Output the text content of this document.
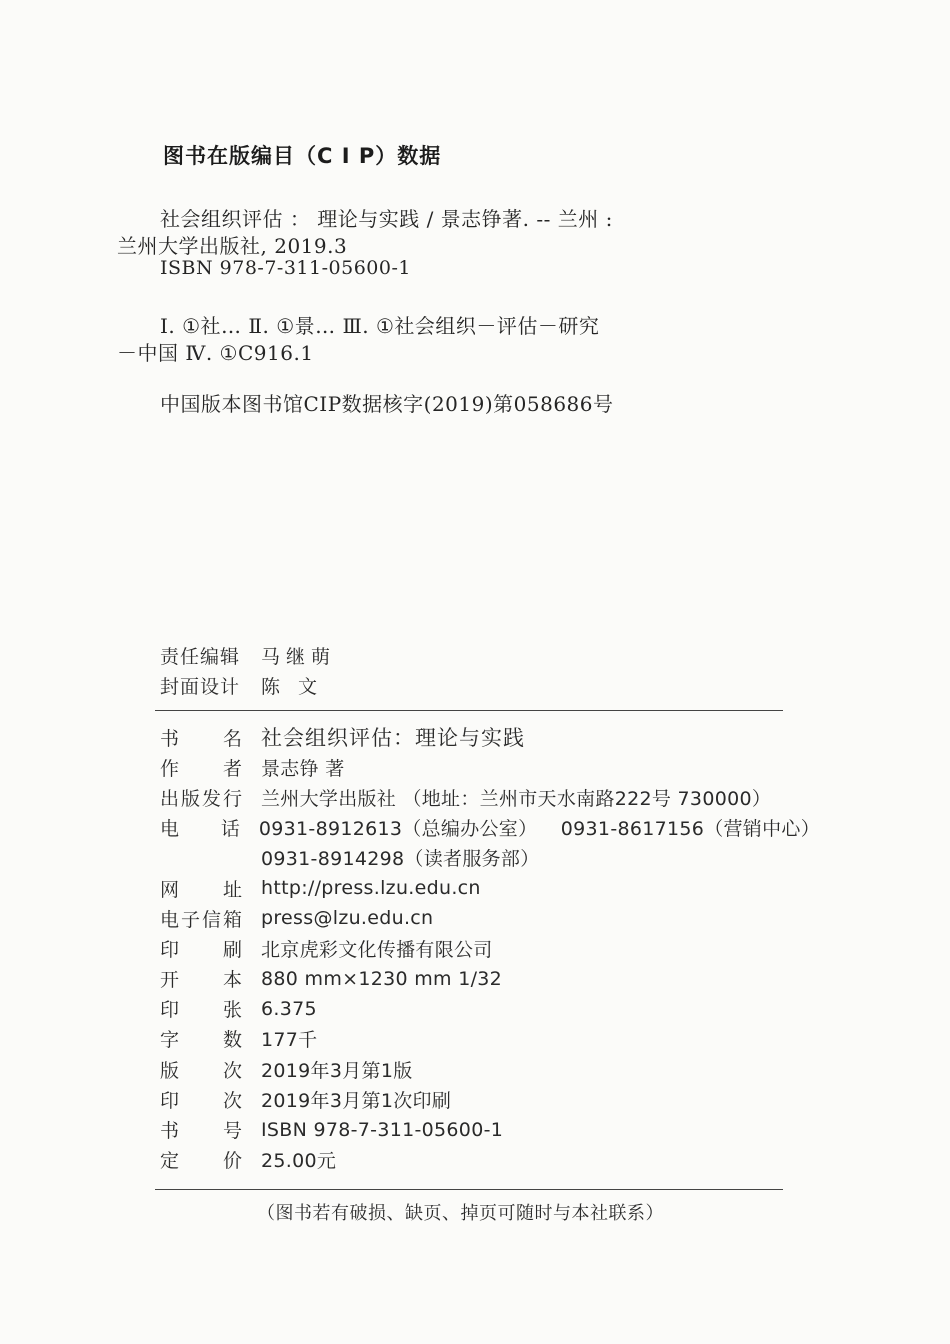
图书在版编目（C I P）数据
社会组织评估 ： 理论与实践 / 景志铮著. -- 兰州 :
兰州大学出版社, 2019.3
ISBN 978-7-311-05600-1
Ⅰ. ①社… Ⅱ. ①景… Ⅲ. ①社会组织－评估－研究
－中国 Ⅳ. ①C916.1
中国版本图书馆CIP数据核字(2019)第058686号
责任编辑	马继萌
封面设计	陈 文
书 名 社会组织评估：理论与实践
作 者 景志铮 著
出 版 发 行 兰州大学出版社 （地址：兰州市天水南路222号 730000）
电 话 0931-8912613（总编办公室） 0931-8617156（营销中心）
0931-8914298（读者服务部）
网 址 http://press.lzu.edu.cn
电 子 信 箱 press@lzu.edu.cn
印 刷 北京虎彩文化传播有限公司
开 本 880 mm×1230 mm 1/32
印 张 6.375
字 数 177千
版 次 2019年3月第1版
印 次 2019年3月第1次印刷
书 号 ISBN 978-7-311-05600-1
定 价 25.00元
（图书若有破损、缺页、掉页可随时与本社联系）
